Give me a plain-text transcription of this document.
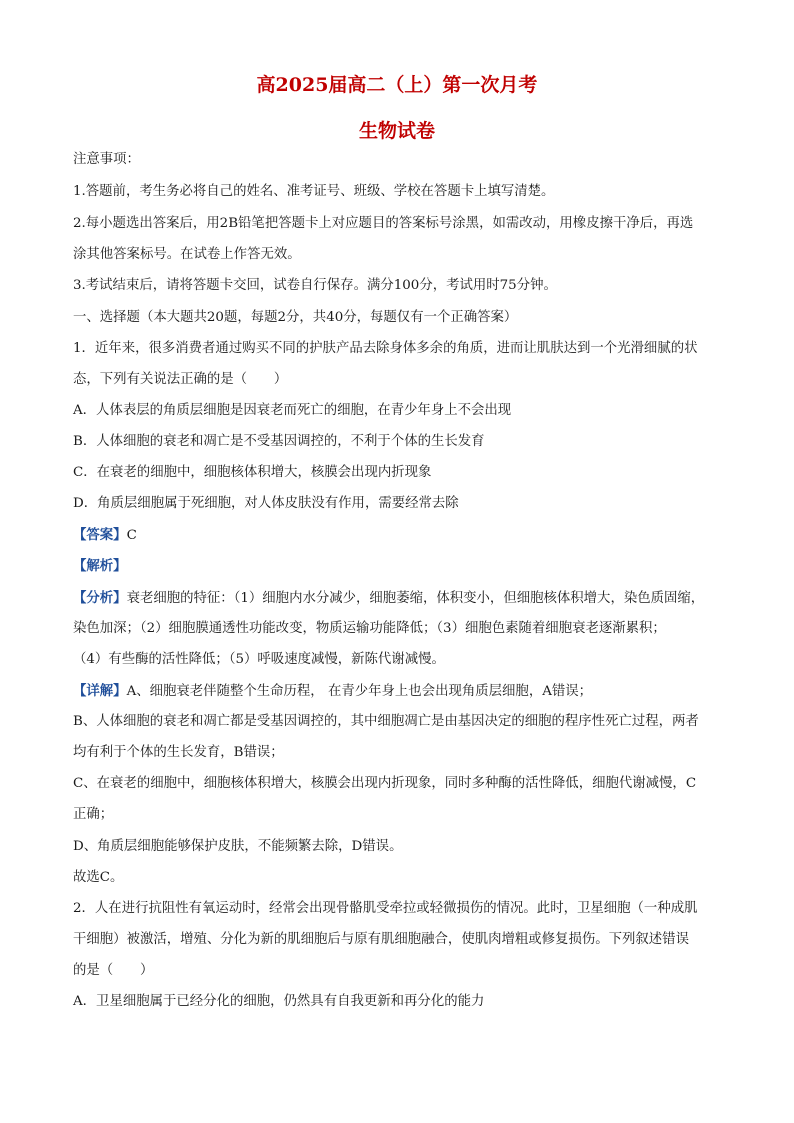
高2025届高二（上）第一次月考
生物试卷
注意事项：
1.答题前，考生务必将自己的姓名、准考证号、班级、学校在答题卡上填写清楚。
2.每小题选出答案后，用2B铅笔把答题卡上对应题目的答案标号涂黑，如需改动，用橡皮擦干净后，再选
涂其他答案标号。在试卷上作答无效。
3.考试结束后，请将答题卡交回，试卷自行保存。满分100分，考试用时75分钟。
一、选择题（本大题共20题，每题2分，共40分，每题仅有一个正确答案）
1．近年来，很多消费者通过购买不同的护肤产品去除身体多余的角质，进而让肌肤达到一个光滑细腻的状
态，下列有关说法正确的是（　　）
A．人体表层的角质层细胞是因衰老而死亡的细胞，在青少年身上不会出现
B．人体细胞的衰老和凋亡是不受基因调控的，不利于个体的生长发育
C．在衰老的细胞中，细胞核体积增大，核膜会出现内折现象
D．角质层细胞属于死细胞，对人体皮肤没有作用，需要经常去除
【答案】C
【解析】
【分析】衰老细胞的特征：（1）细胞内水分减少，细胞萎缩，体积变小，但细胞核体积增大，染色质固缩，
染色加深；（2）细胞膜通透性功能改变，物质运输功能降低；（3）细胞色素随着细胞衰老逐渐累积；
（4）有些酶的活性降低；（5）呼吸速度减慢，新陈代谢减慢。
【详解】A、细胞衰老伴随整个生命历程， 在青少年身上也会出现角质层细胞，A错误；
B、人体细胞的衰老和凋亡都是受基因调控的，其中细胞凋亡是由基因决定的细胞的程序性死亡过程，两者
均有利于个体的生长发育，B错误；
C、在衰老的细胞中，细胞核体积增大，核膜会出现内折现象，同时多种酶的活性降低，细胞代谢减慢，C
正确；
D、角质层细胞能够保护皮肤，不能频繁去除，D错误。
故选C。
2．人在进行抗阻性有氧运动时，经常会出现骨骼肌受牵拉或轻微损伤的情况。此时，卫星细胞（一种成肌
干细胞）被激活，增殖、分化为新的肌细胞后与原有肌细胞融合，使肌肉增粗或修复损伤。下列叙述错误
的是（　　）
A．卫星细胞属于已经分化的细胞，仍然具有自我更新和再分化的能力
